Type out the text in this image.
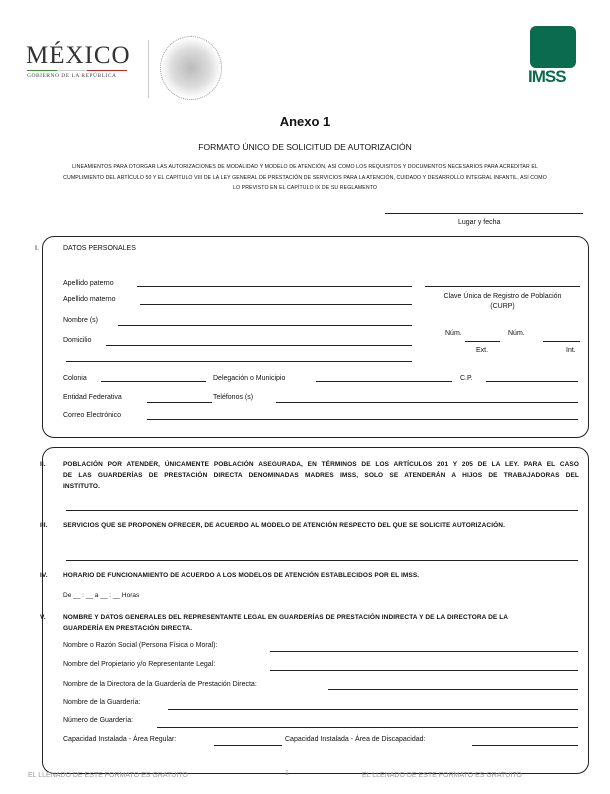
MÉXICO
GOBIERNO DE LA REPÚBLICA	IMSS
Anexo 1
FORMATO ÚNICO DE SOLICITUD DE AUTORIZACIÓN
LINEAMIENTOS PARA OTORGAR LAS AUTORIZACIONES DE MODALIDAD Y MODELO DE ATENCIÓN, ASÍ COMO LOS REQUISITOS Y DOCUMENTOS NECESARIOS PARA ACREDITAR EL
CUMPLIMIENTO DEL ARTÍCULO 50 Y EL CAPÍTULO VIII DE LA LEY GENERAL DE PRESTACIÓN DE SERVICIOS PARA LA ATENCIÓN, CUIDADO Y DESARROLLO INTEGRAL INFANTIL, ASÍ COMO
LO PREVISTO EN EL CAPÍTULO IX DE SU REGLAMENTO
Lugar y fecha
I.	DATOS PERSONALES
Apellido paterno
Apellido materno	Clave Única de Registro de Población
(CURP)
Nombre (s)
Núm.	Núm.
Domicilio
Ext.	Int.
Colonia	Delegación o Municipio	C.P.
Entidad Federativa	Teléfonos (s)
Correo Electrónico
II.	POBLACIÓN POR ATENDER, ÚNICAMENTE POBLACIÓN ASEGURADA, EN TÉRMINOS DE LOS ARTÍCULOS 201 Y 205 DE LA LEY. PARA EL CASO
DE LAS GUARDERÍAS DE PRESTACIÓN DIRECTA DENOMINADAS MADRES IMSS, SOLO SE ATENDERÁN A HIJOS DE TRABAJADORAS DEL
INSTITUTO.
III. SERVICIOS QUE SE PROPONEN OFRECER, DE ACUERDO AL MODELO DE ATENCIÓN RESPECTO DEL QUE SE SOLICITE AUTORIZACIÓN.
IV. HORARIO DE FUNCIONAMIENTO DE ACUERDO A LOS MODELOS DE ATENCIÓN ESTABLECIDOS POR EL IMSS.
De __ : __ a __ : __ Horas
V.	NOMBRE Y DATOS GENERALES DEL REPRESENTANTE LEGAL EN GUARDERÍAS DE PRESTACIÓN INDIRECTA Y DE LA DIRECTORA DE LA
GUARDERÍA EN PRESTACIÓN DIRECTA.
Nombre o Razón Social (Persona Física o Moral):
Nombre del Propietario y/o Representante Legal:
Nombre de la Directora de la Guardería de Prestación Directa:
Nombre de la Guardería:
Número de Guardería:
Capacidad Instalada - Área Regular:	Capacidad Instalada - Área de Discapacidad:
EL LLENADO DE ESTE FORMATO ES GRATUITO	1	EL LLENADO DE ESTE FORMATO ES GRATUITO
